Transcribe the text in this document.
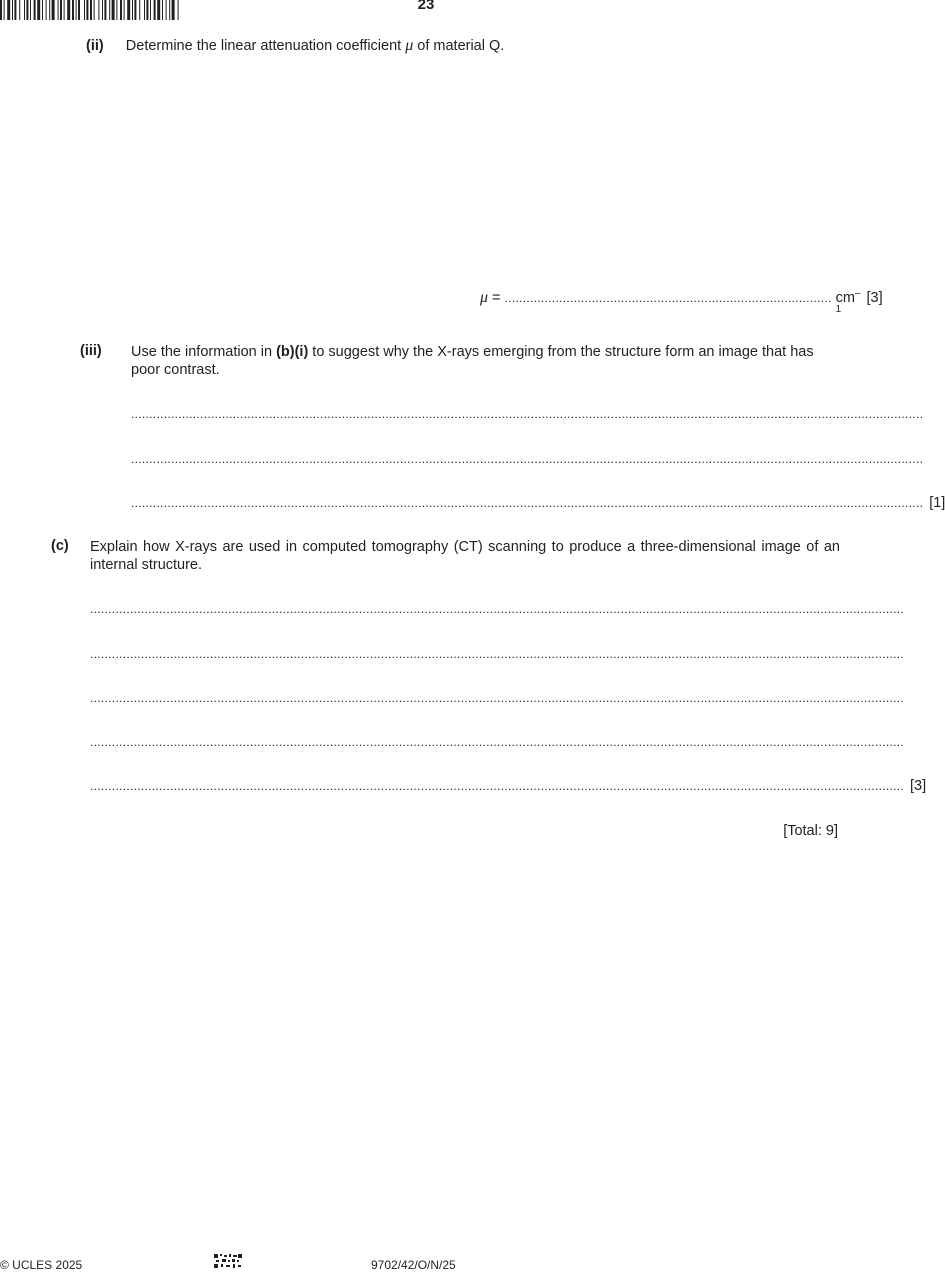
23
(ii) Determine the linear attenuation coefficient μ of material Q.
μ = .......................................................................................... $cm^{-1}$
[3]
(iii) Use the information in (b)(i) to suggest why the X-rays emerging from the structure form an image that has poor contrast.
..........................................................................................................................................................................................................................
..........................................................................................................................................................................................................................
.......................................................................................................................................................................................................................... [1]
(c) Explain how X-rays are used in computed tomography (CT) scanning to produce a three-dimensional image of an internal structure.
................................................................................................................................................................................................................................
................................................................................................................................................................................................................................
................................................................................................................................................................................................................................
................................................................................................................................................................................................................................
................................................................................................................................................................................................................................ [3]
[Total: 9]
© UCLES 2025	9702/42/O/N/25
